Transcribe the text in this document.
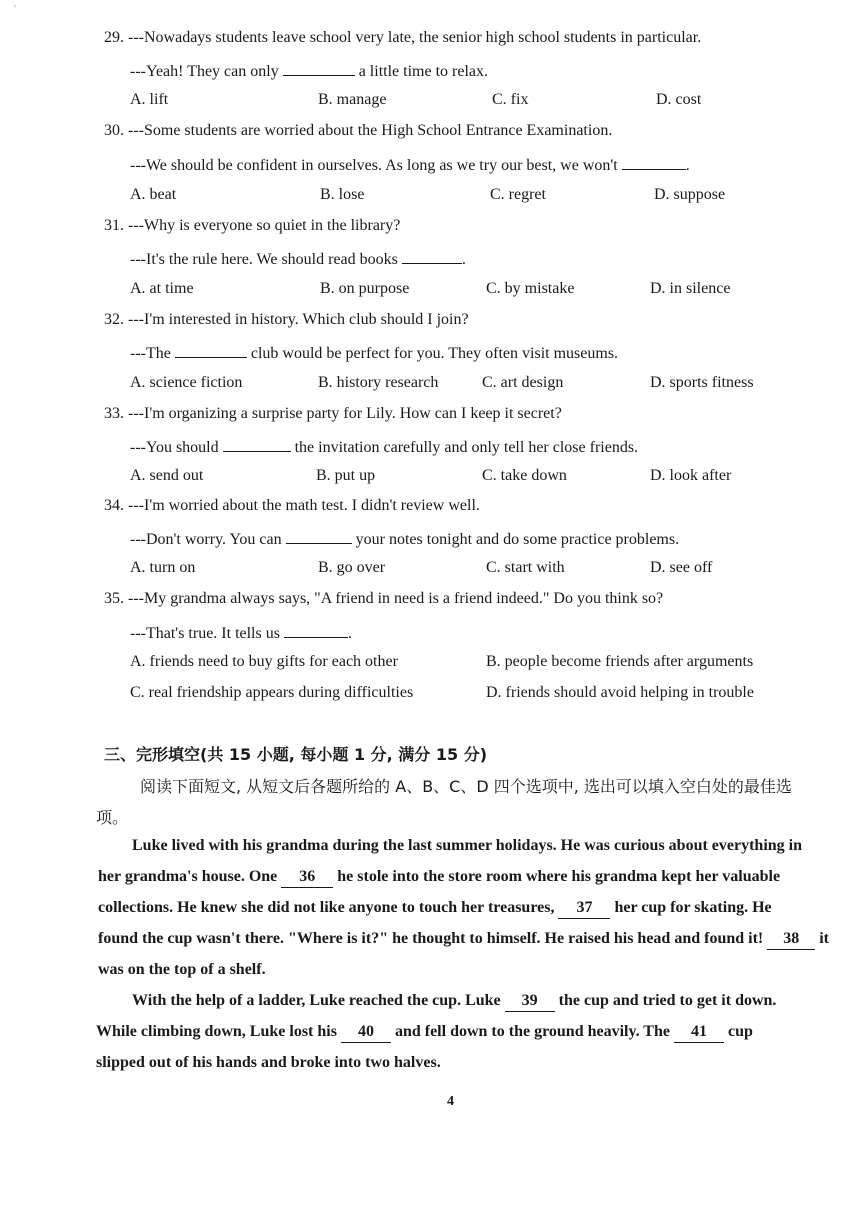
'
29. ---Nowadays students leave school very late, the senior high school students in particular.
---Yeah! They can only	a little time to relax.
A. lift	B. manage	C. fix	D. cost
30. ---Some students are worried about the High School Entrance Examination.
---We should be confident in ourselves. As long as we try our best, we won't	.
A. beat	B. lose	C. regret	D. suppose
31. ---Why is everyone so quiet in the library?
---It's the rule here. We should read books	.
A. at time	B. on purpose	C. by mistake	D. in silence
32. ---I'm interested in history. Which club should I join?
---The	club would be perfect for you. They often visit museums.
A. science fiction	B. history research	C. art design	D. sports fitness
33. ---I'm organizing a surprise party for Lily. How can I keep it secret?
---You should	the invitation carefully and only tell her close friends.
A. send out	B. put up	C. take down	D. look after
34. ---I'm worried about the math test. I didn't review well.
---Don't worry. You can	your notes tonight and do some practice problems.
A. turn on	B. go over	C. start with	D. see off
35. ---My grandma always says, "A friend in need is a friend indeed." Do you think so?
---That's true. It tells us	.
A. friends need to buy gifts for each other	B. people become friends after arguments
C. real friendship appears during difficulties	D. friends should avoid helping in trouble
三、完形填空(共 15 小题, 每小题 1 分, 满分 15 分)
阅读下面短文, 从短文后各题所给的 A、B、C、D 四个选项中, 选出可以填入空白处的最佳选
项。
Luke lived with his grandma during the last summer holidays. He was curious about everything in
her grandma's house. One 36 he stole into the store room where his grandma kept her valuable
collections. He knew she did not like anyone to touch her treasures, 37 her cup for skating. He
found the cup wasn't there. "Where is it?" he thought to himself. He raised his head and found it! 38 it
was on the top of a shelf.
With the help of a ladder, Luke reached the cup. Luke 39 the cup and tried to get it down.
While climbing down, Luke lost his 40 and fell down to the ground heavily. The 41 cup
slipped out of his hands and broke into two halves.
4
